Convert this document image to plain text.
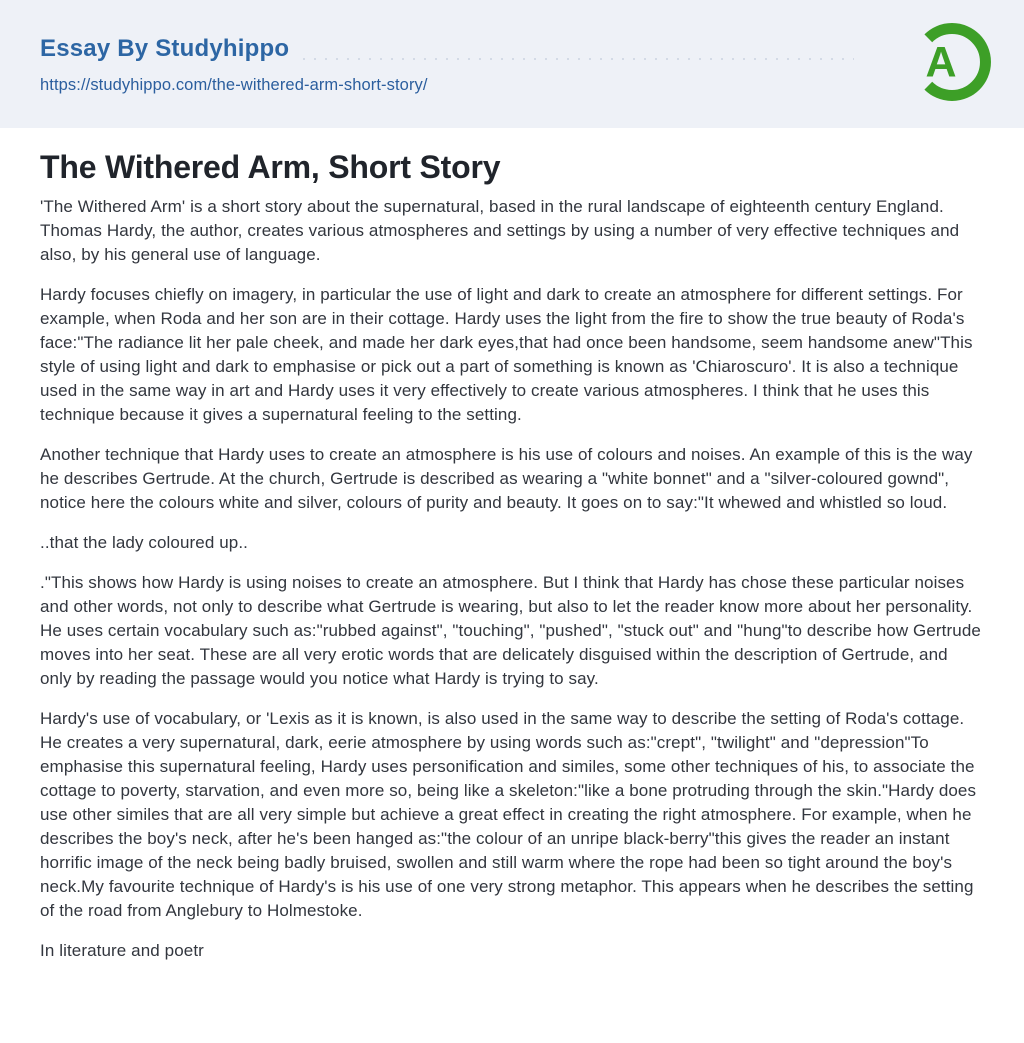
Essay By Studyhippo
https://studyhippo.com/the-withered-arm-short-story/	A
The Withered Arm, Short Story

'The Withered Arm' is a short story about the supernatural, based in the rural landscape of eighteenth century England. Thomas Hardy, the author, creates various atmospheres and settings by using a number of very effective techniques and also, by his general use of language.

Hardy focuses chiefly on imagery, in particular the use of light and dark to create an atmosphere for different settings. For example, when Roda and her son are in their cottage. Hardy uses the light from the fire to show the true beauty of Roda's face:"The radiance lit her pale cheek, and made her dark eyes,that had once been handsome, seem handsome anew"This style of using light and dark to emphasise or pick out a part of something is known as 'Chiaroscuro'. It is also a technique used in the same way in art and Hardy uses it very effectively to create various atmospheres. I think that he uses this technique because it gives a supernatural feeling to the setting.

Another technique that Hardy uses to create an atmosphere is his use of colours and noises. An example of this is the way he describes Gertrude. At the church, Gertrude is described as wearing a "white bonnet" and a "silver-coloured gownd", notice here the colours white and silver, colours of purity and beauty. It goes on to say:"It whewed and whistled so loud.

..that the lady coloured up..

."This shows how Hardy is using noises to create an atmosphere. But I think that Hardy has chose these particular noises and other words, not only to describe what Gertrude is wearing, but also to let the reader know more about her personality. He uses certain vocabulary such as:"rubbed against", "touching", "pushed", "stuck out" and "hung"to describe how Gertrude moves into her seat. These are all very erotic words that are delicately disguised within the description of Gertrude, and only by reading the passage would you notice what Hardy is trying to say.

Hardy's use of vocabulary, or 'Lexis as it is known, is also used in the same way to describe the setting of Roda's cottage. He creates a very supernatural, dark, eerie atmosphere by using words such as:"crept", "twilight" and "depression"To emphasise this supernatural feeling, Hardy uses personification and similes, some other techniques of his, to associate the cottage to poverty, starvation, and even more so, being like a skeleton:"like a bone protruding through the skin."Hardy does use other similes that are all very simple but achieve a great effect in creating the right atmosphere. For example, when he describes the boy's neck, after he's been hanged as:"the colour of an unripe black-berry"this gives the reader an instant horrific image of the neck being badly bruised, swollen and still warm where the rope had been so tight around the boy's neck.My favourite technique of Hardy's is his use of one very strong metaphor. This appears when he describes the setting of the road from Anglebury to Holmestoke.

In literature and poetr
